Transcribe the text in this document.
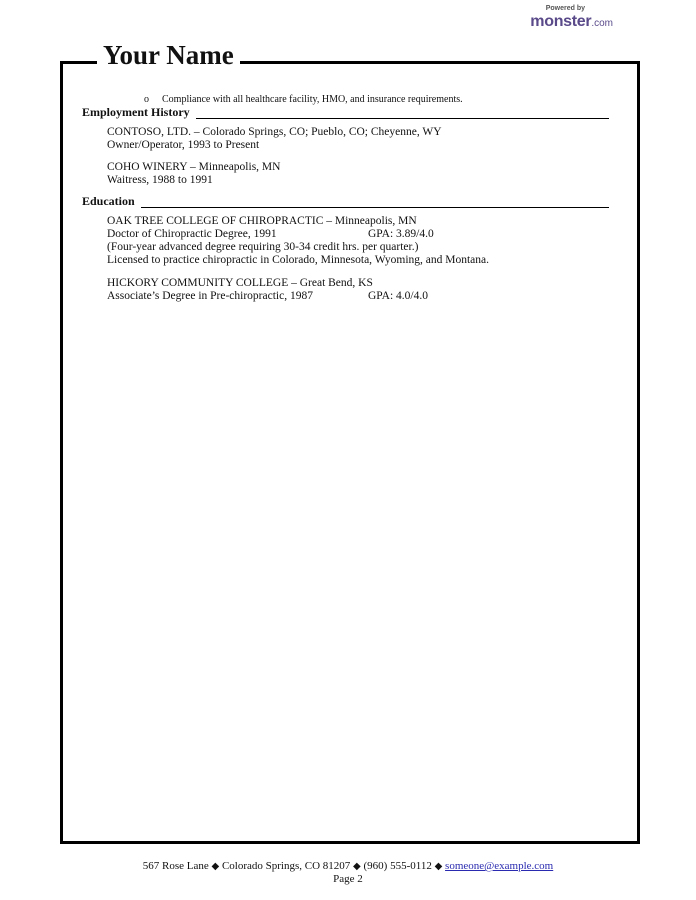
Powered by
monster.com
Your Name
o Compliance with all healthcare facility, HMO, and insurance requirements.
Employment History
CONTOSO, LTD. – Colorado Springs, CO; Pueblo, CO; Cheyenne, WY
Owner/Operator, 1993 to Present
COHO WINERY – Minneapolis, MN
Waitress, 1988 to 1991
Education
OAK TREE COLLEGE OF CHIROPRACTIC – Minneapolis, MN
Doctor of Chiropractic Degree, 1991	GPA: 3.89/4.0
(Four-year advanced degree requiring 30-34 credit hrs. per quarter.)
Licensed to practice chiropractic in Colorado, Minnesota, Wyoming, and Montana.
HICKORY COMMUNITY COLLEGE – Great Bend, KS
Associate’s Degree in Pre-chiropractic, 1987	GPA: 4.0/4.0
567 Rose Lane ◆ Colorado Springs, CO 81207 ◆ (960) 555-0112 ◆ someone@example.com
Page 2
